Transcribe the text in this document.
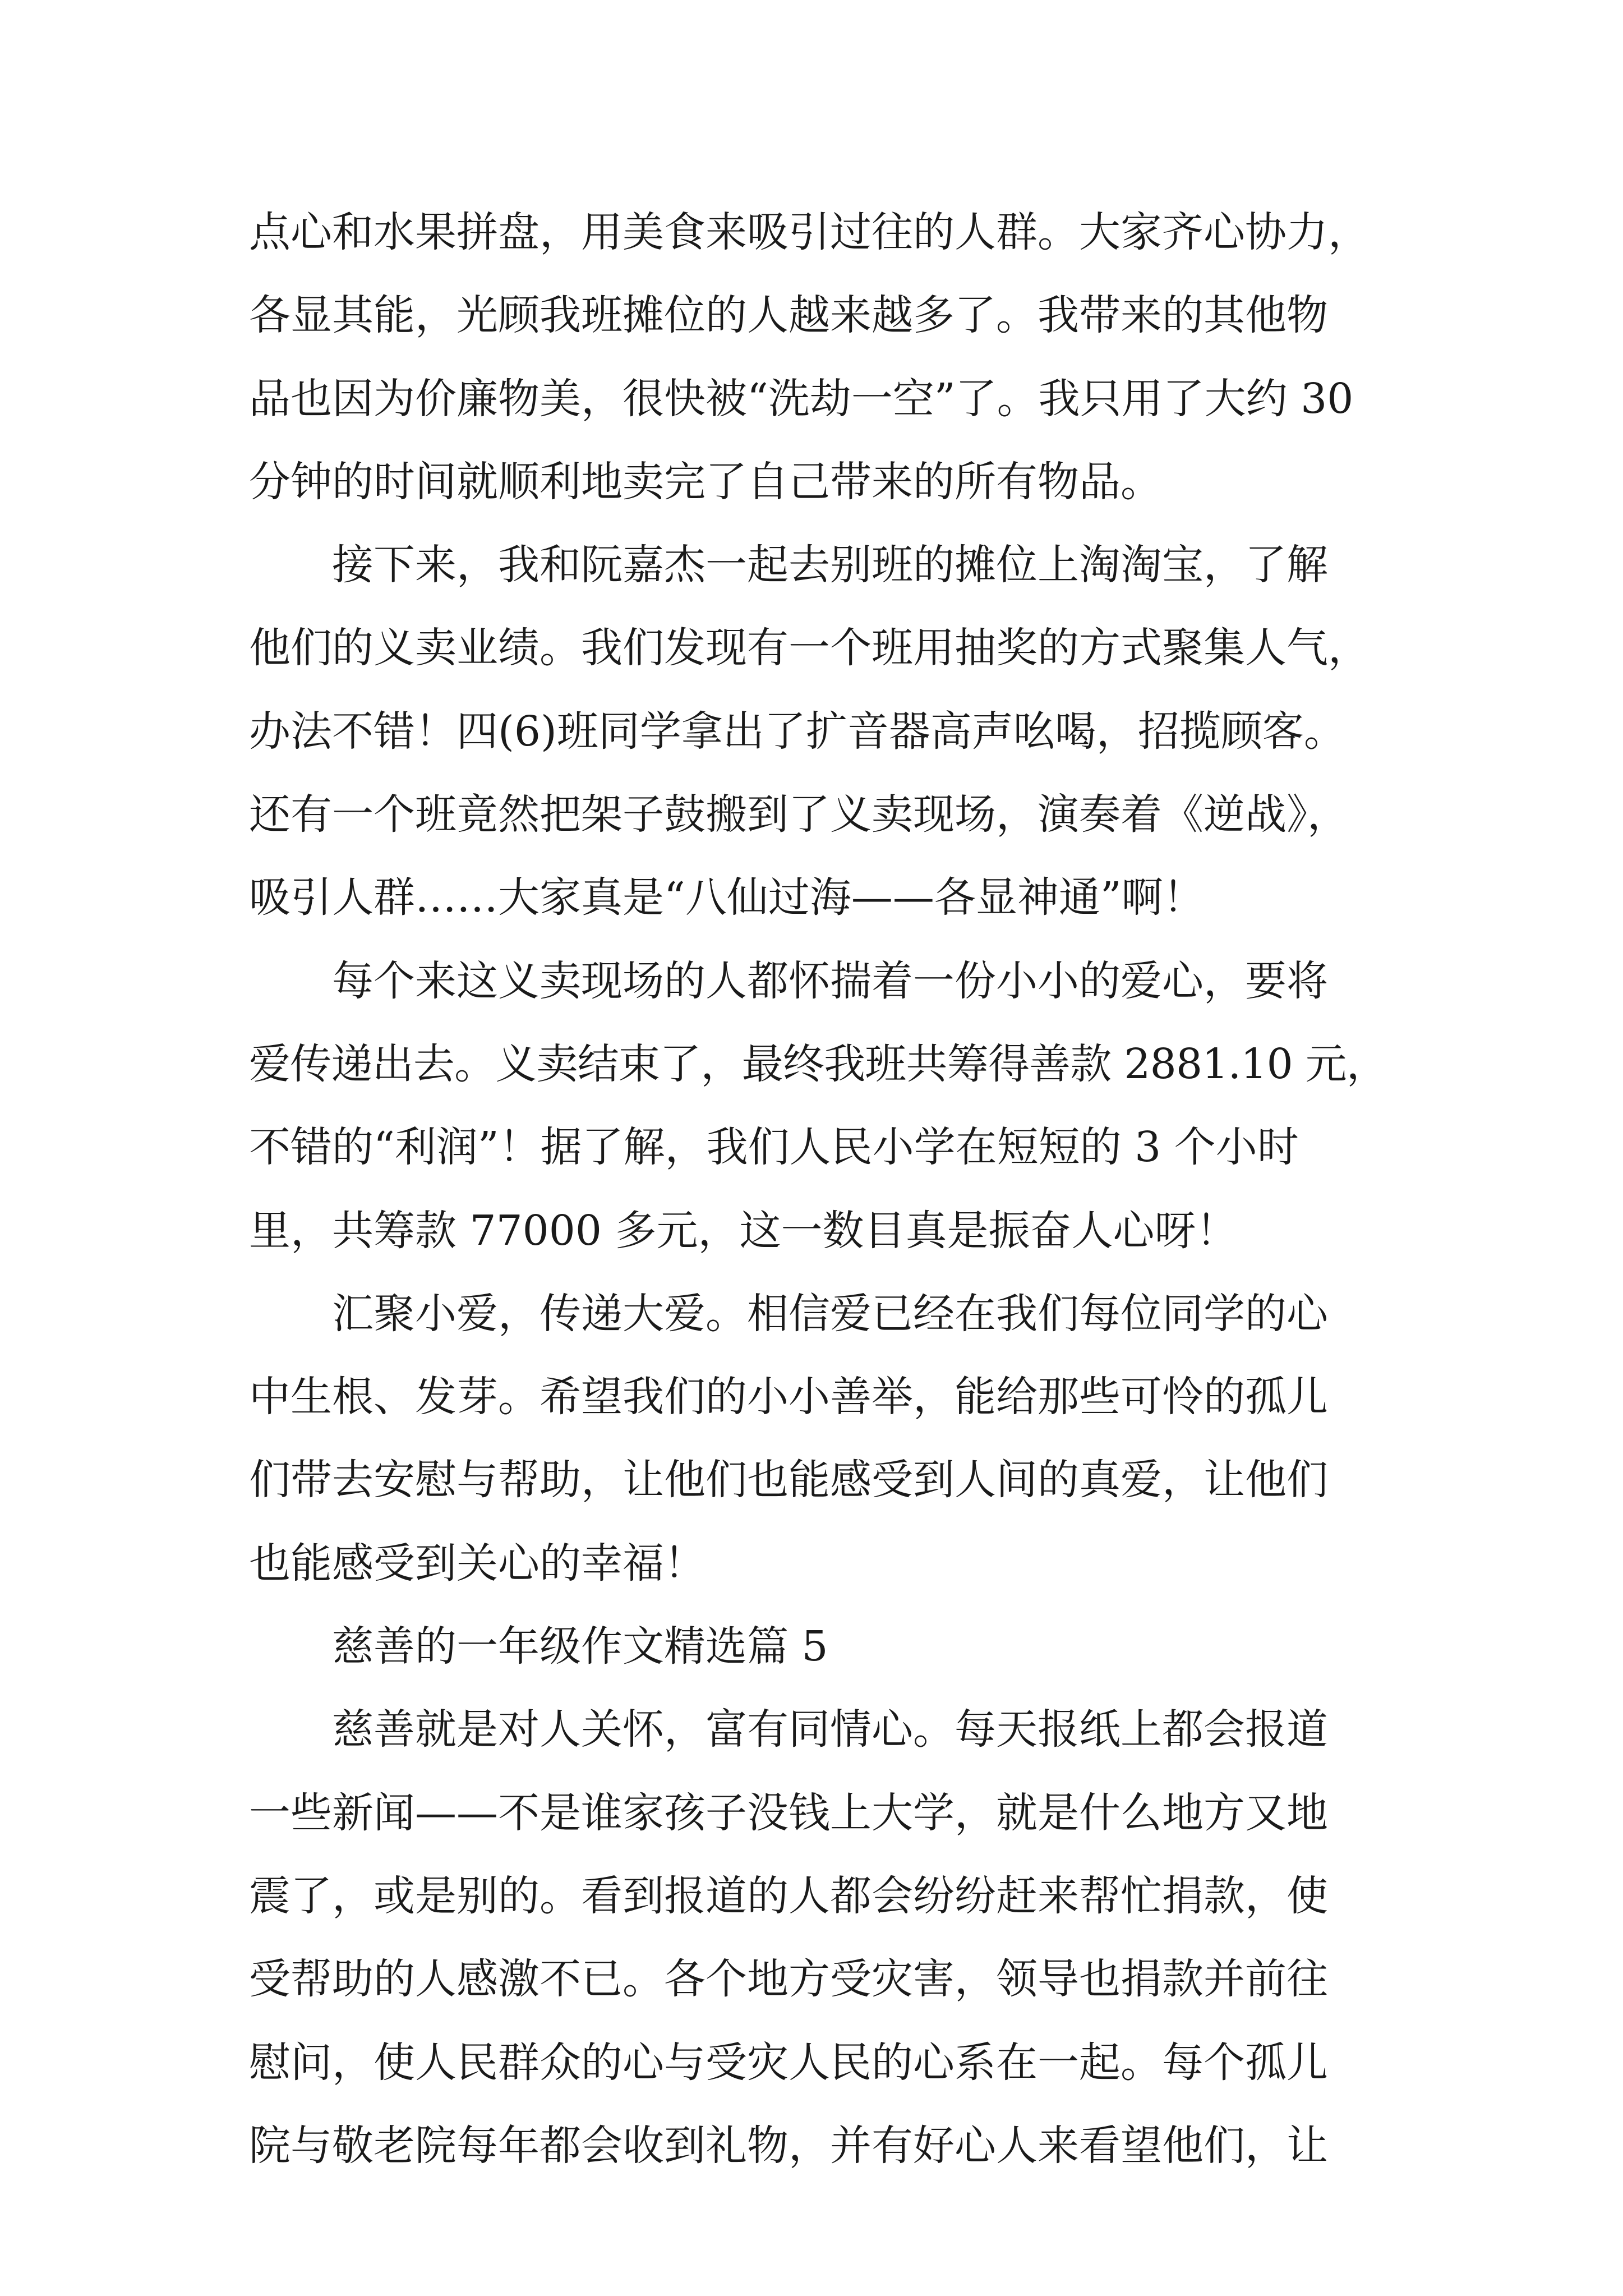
点心和水果拼盘，用美食来吸引过往的人群。大家齐心协力，
各显其能，光顾我班摊位的人越来越多了。我带来的其他物
品也因为价廉物美，很快被“洗劫一空”了。我只用了大约 30
分钟的时间就顺利地卖完了自己带来的所有物品。
接下来，我和阮嘉杰一起去别班的摊位上淘淘宝，了解
他们的义卖业绩。我们发现有一个班用抽奖的方式聚集人气，
办法不错！四(6)班同学拿出了扩音器高声吆喝，招揽顾客。
还有一个班竟然把架子鼓搬到了义卖现场，演奏着《逆战》，
吸引人群……大家真是“八仙过海——各显神通”啊！
每个来这义卖现场的人都怀揣着一份小小的爱心，要将
爱传递出去。义卖结束了，最终我班共筹得善款 2881.10 元，
不错的“利润”！据了解，我们人民小学在短短的 3 个小时
里，共筹款 77000 多元，这一数目真是振奋人心呀！
汇聚小爱，传递大爱。相信爱已经在我们每位同学的心
中生根、发芽。希望我们的小小善举，能给那些可怜的孤儿
们带去安慰与帮助，让他们也能感受到人间的真爱，让他们
也能感受到关心的幸福！
慈善的一年级作文精选篇 5
慈善就是对人关怀，富有同情心。每天报纸上都会报道
一些新闻——不是谁家孩子没钱上大学，就是什么地方又地
震了，或是别的。看到报道的人都会纷纷赶来帮忙捐款，使
受帮助的人感激不已。各个地方受灾害，领导也捐款并前往
慰问，使人民群众的心与受灾人民的心系在一起。每个孤儿
院与敬老院每年都会收到礼物，并有好心人来看望他们，让
